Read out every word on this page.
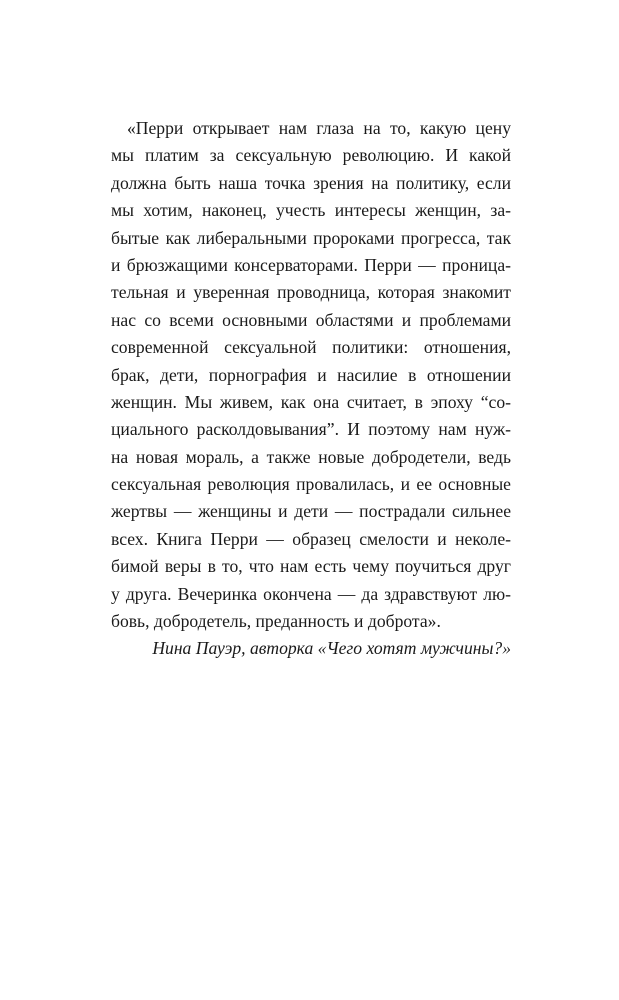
«Перри открывает нам глаза на то, какую цену
мы платим за сексуальную революцию. И какой
должна быть наша точка зрения на политику, если
мы хотим, наконец, учесть интересы женщин, за-
бытые как либеральными пророками прогресса, так
и брюзжащими консерваторами. Перри — проница-
тельная и уверенная проводница, которая знакомит
нас со всеми основными областями и проблемами
современной сексуальной политики: отношения,
брак, дети, порнография и насилие в отношении
женщин. Мы живем, как она считает, в эпоху “со-
циального расколдовывания”. И поэтому нам нуж-
на новая мораль, а также новые добродетели, ведь
сексуальная революция провалилась, и ее основные
жертвы — женщины и дети — пострадали сильнее
всех. Книга Перри — образец смелости и неколе-
бимой веры в то, что нам есть чему поучиться друг
у друга. Вечеринка окончена — да здравствуют лю-
бовь, добродетель, преданность и доброта».
Нина Пауэр, авторка «Чего хотят мужчины?»
